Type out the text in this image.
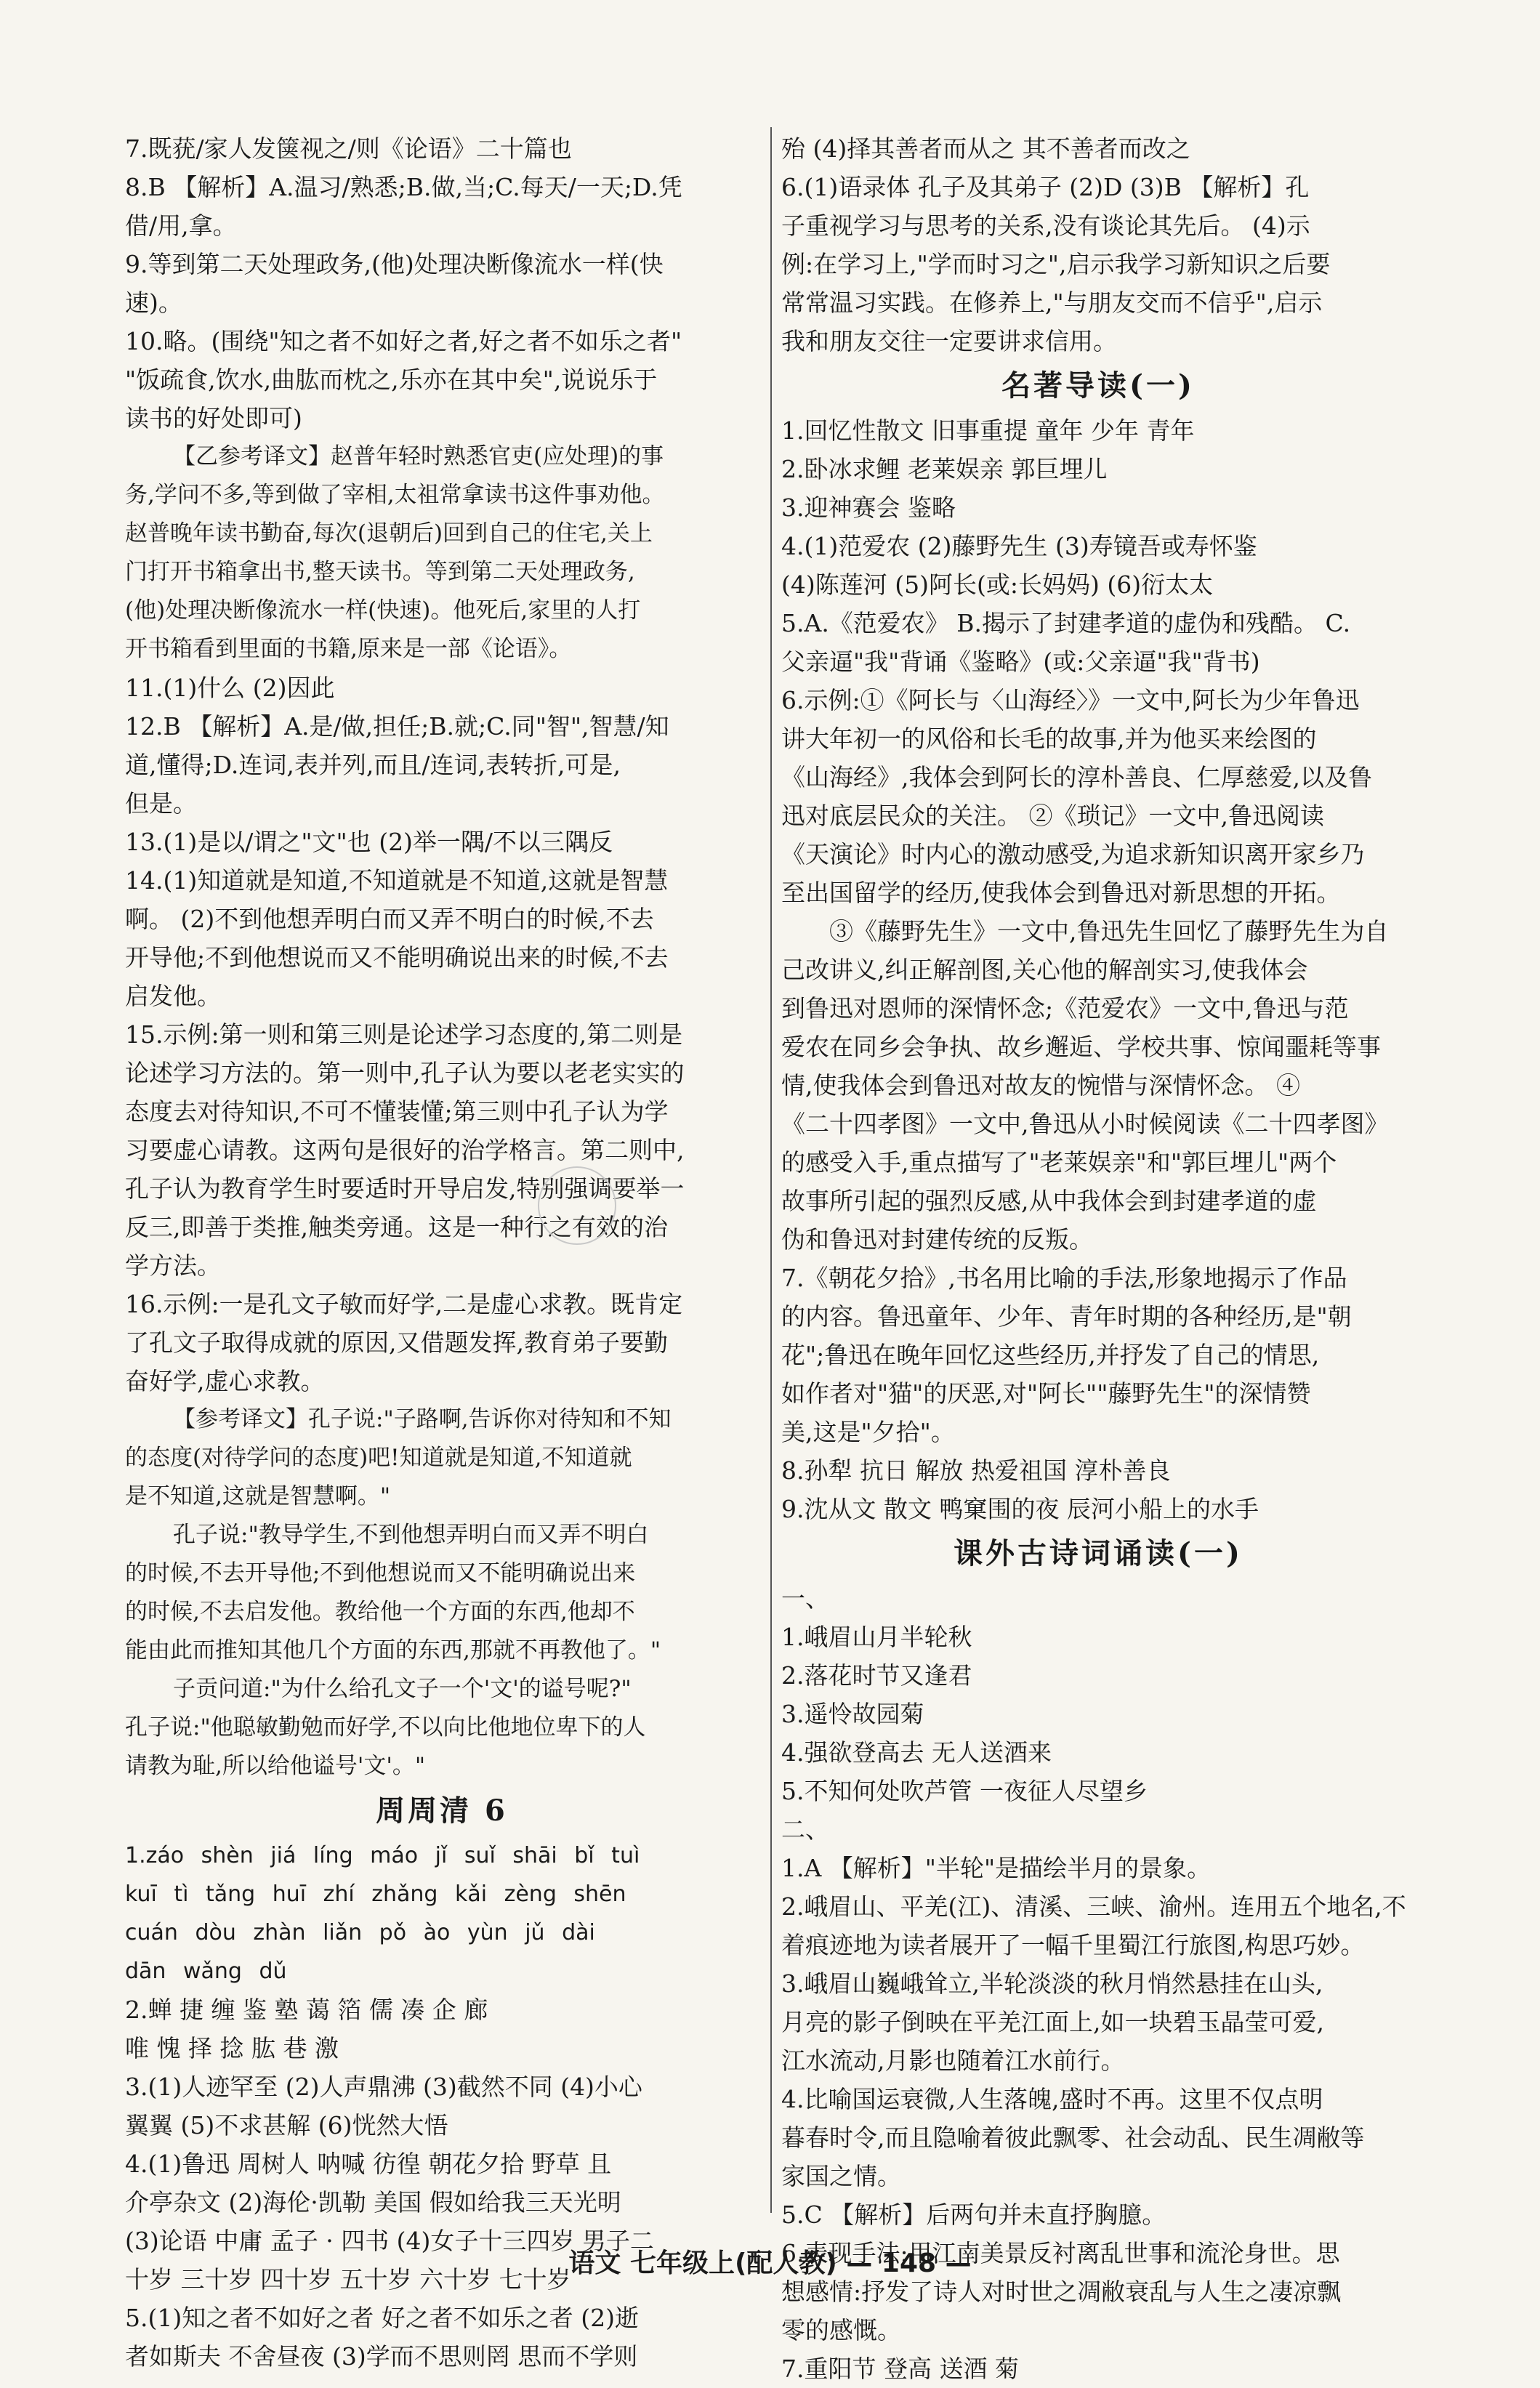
7.既莸/家人发箧视之/则《论语》二十篇也
8.B 【解析】A.温习/熟悉;B.做,当;C.每天/一天;D.凭
借/用,拿。
9.等到第二天处理政务,(他)处理决断像流水一样(快
速)。
10.略。(围绕"知之者不如好之者,好之者不如乐之者"
"饭疏食,饮水,曲肱而枕之,乐亦在其中矣",说说乐于
读书的好处即可)
【乙参考译文】赵普年轻时熟悉官吏(应处理)的事
务,学问不多,等到做了宰相,太祖常拿读书这件事劝他。
赵普晚年读书勤奋,每次(退朝后)回到自己的住宅,关上
门打开书箱拿出书,整天读书。等到第二天处理政务,
(他)处理决断像流水一样(快速)。他死后,家里的人打
开书箱看到里面的书籍,原来是一部《论语》。
11.(1)什么 (2)因此
12.B 【解析】A.是/做,担任;B.就;C.同"智",智慧/知
道,懂得;D.连词,表并列,而且/连词,表转折,可是,
但是。
13.(1)是以/谓之"文"也 (2)举一隅/不以三隅反
14.(1)知道就是知道,不知道就是不知道,这就是智慧
啊。 (2)不到他想弄明白而又弄不明白的时候,不去
开导他;不到他想说而又不能明确说出来的时候,不去
启发他。
15.示例:第一则和第三则是论述学习态度的,第二则是
论述学习方法的。第一则中,孔子认为要以老老实实的
态度去对待知识,不可不懂装懂;第三则中孔子认为学
习要虚心请教。这两句是很好的治学格言。第二则中,
孔子认为教育学生时要适时开导启发,特别强调要举一
反三,即善于类推,触类旁通。这是一种行之有效的治
学方法。
16.示例:一是孔文子敏而好学,二是虚心求教。既肯定
了孔文子取得成就的原因,又借题发挥,教育弟子要勤
奋好学,虚心求教。
【参考译文】孔子说:"子路啊,告诉你对待知和不知
的态度(对待学问的态度)吧!知道就是知道,不知道就
是不知道,这就是智慧啊。"
孔子说:"教导学生,不到他想弄明白而又弄不明白
的时候,不去开导他;不到他想说而又不能明确说出来
的时候,不去启发他。教给他一个方面的东西,他却不
能由此而推知其他几个方面的东西,那就不再教他了。"
子贡问道:"为什么给孔文子一个'文'的谥号呢?"
孔子说:"他聪敏勤勉而好学,不以向比他地位卑下的人
请教为耻,所以给他谥号'文'。"
周周清 6
1.záo shèn jiá líng máo jǐ suǐ shāi bǐ tuì
kuī tì tǎng huī zhí zhǎng kǎi zèng shēn
cuán dòu zhàn liǎn pǒ ào yùn jǔ dài
dān wǎng dǔ
2.蝉 捷 缠 鉴 塾 蔼 箔 儒 凑 企 廊
唯 愧 择 捻 肱 巷 激
3.(1)人迹罕至 (2)人声鼎沸 (3)截然不同 (4)小心
翼翼 (5)不求甚解 (6)恍然大悟
4.(1)鲁迅 周树人 呐喊 彷徨 朝花夕拾 野草 且
介亭杂文 (2)海伦·凯勒 美国 假如给我三天光明
(3)论语 中庸 孟子 · 四书 (4)女子十三四岁 男子二
十岁 三十岁 四十岁 五十岁 六十岁 七十岁
5.(1)知之者不如好之者 好之者不如乐之者 (2)逝
者如斯夫 不舍昼夜 (3)学而不思则罔 思而不学则
殆 (4)择其善者而从之 其不善者而改之
6.(1)语录体 孔子及其弟子 (2)D (3)B 【解析】孔
子重视学习与思考的关系,没有谈论其先后。 (4)示
例:在学习上,"学而时习之",启示我学习新知识之后要
常常温习实践。在修养上,"与朋友交而不信乎",启示
我和朋友交往一定要讲求信用。
名著导读(一)
1.回忆性散文 旧事重提 童年 少年 青年
2.卧冰求鲤 老莱娱亲 郭巨埋儿
3.迎神赛会 鉴略
4.(1)范爱农 (2)藤野先生 (3)寿镜吾或寿怀鉴
(4)陈莲河 (5)阿长(或:长妈妈) (6)衍太太
5.A.《范爱农》 B.揭示了封建孝道的虚伪和残酷。 C.
父亲逼"我"背诵《鉴略》(或:父亲逼"我"背书)
6.示例:①《阿长与〈山海经〉》一文中,阿长为少年鲁迅
讲大年初一的风俗和长毛的故事,并为他买来绘图的
《山海经》,我体会到阿长的淳朴善良、仁厚慈爱,以及鲁
迅对底层民众的关注。 ②《琐记》一文中,鲁迅阅读
《天演论》时内心的激动感受,为追求新知识离开家乡乃
至出国留学的经历,使我体会到鲁迅对新思想的开拓。
③《藤野先生》一文中,鲁迅先生回忆了藤野先生为自
己改讲义,纠正解剖图,关心他的解剖实习,使我体会
到鲁迅对恩师的深情怀念;《范爱农》一文中,鲁迅与范
爱农在同乡会争执、故乡邂逅、学校共事、惊闻噩耗等事
情,使我体会到鲁迅对故友的惋惜与深情怀念。 ④
《二十四孝图》一文中,鲁迅从小时候阅读《二十四孝图》
的感受入手,重点描写了"老莱娱亲"和"郭巨埋儿"两个
故事所引起的强烈反感,从中我体会到封建孝道的虚
伪和鲁迅对封建传统的反叛。
7.《朝花夕拾》,书名用比喻的手法,形象地揭示了作品
的内容。鲁迅童年、少年、青年时期的各种经历,是"朝
花";鲁迅在晚年回忆这些经历,并抒发了自己的情思,
如作者对"猫"的厌恶,对"阿长""藤野先生"的深情赞
美,这是"夕拾"。
8.孙犁 抗日 解放 热爱祖国 淳朴善良
9.沈从文 散文 鸭窠围的夜 辰河小船上的水手
课外古诗词诵读(一)
一、
1.峨眉山月半轮秋
2.落花时节又逢君
3.遥怜故园菊
4.强欲登高去 无人送酒来
5.不知何处吹芦管 一夜征人尽望乡
二、
1.A 【解析】"半轮"是描绘半月的景象。
2.峨眉山、平羌(江)、清溪、三峡、渝州。连用五个地名,不
着痕迹地为读者展开了一幅千里蜀江行旅图,构思巧妙。
3.峨眉山巍峨耸立,半轮淡淡的秋月悄然悬挂在山头,
月亮的影子倒映在平羌江面上,如一块碧玉晶莹可爱,
江水流动,月影也随着江水前行。
4.比喻国运衰微,人生落魄,盛时不再。这里不仅点明
暮春时令,而且隐喻着彼此飘零、社会动乱、民生凋敝等
家国之情。
5.C 【解析】后两句并未直抒胸臆。
6.表现手法:用江南美景反衬离乱世事和流沦身世。思
想感情:抒发了诗人对时世之凋敝衰乱与人生之凄凉飘
零的感慨。
7.重阳节 登高 送酒 菊
语文 七年级上(配人教) — 148 —
